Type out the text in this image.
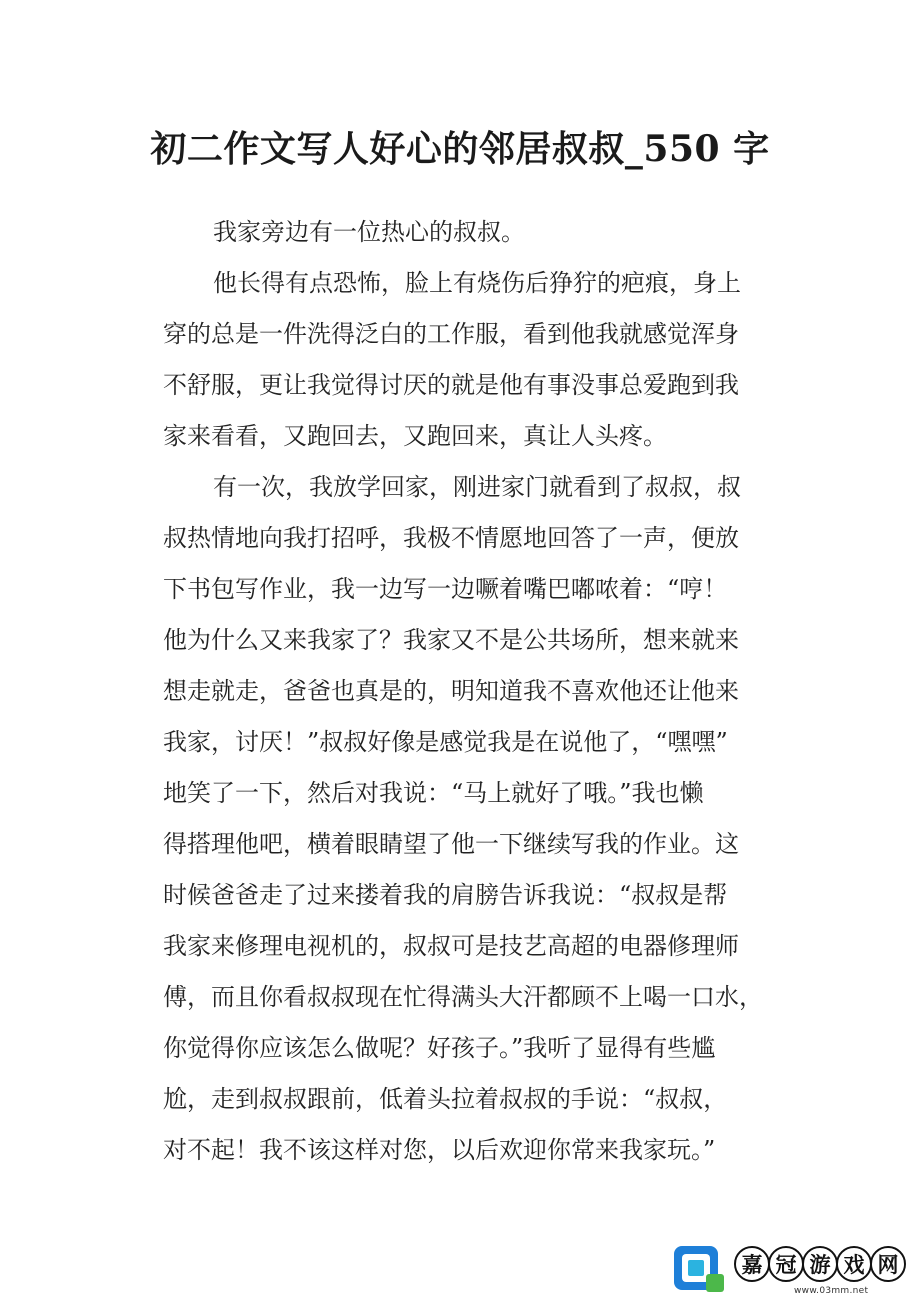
初二作文写人好心的邻居叔叔_550 字
我家旁边有一位热心的叔叔。
他长得有点恐怖，脸上有烧伤后狰狞的疤痕，身上
穿的总是一件洗得泛白的工作服，看到他我就感觉浑身
不舒服，更让我觉得讨厌的就是他有事没事总爱跑到我
家来看看，又跑回去，又跑回来，真让人头疼。
有一次，我放学回家，刚进家门就看到了叔叔，叔
叔热情地向我打招呼，我极不情愿地回答了一声，便放
下书包写作业，我一边写一边噘着嘴巴嘟哝着：“哼！
他为什么又来我家了？我家又不是公共场所，想来就来
想走就走，爸爸也真是的，明知道我不喜欢他还让他来
我家，讨厌！”叔叔好像是感觉我是在说他了，“嘿嘿”
地笑了一下，然后对我说：“马上就好了哦。”我也懒
得搭理他吧，横着眼睛望了他一下继续写我的作业。这
时候爸爸走了过来搂着我的肩膀告诉我说：“叔叔是帮
我家来修理电视机的，叔叔可是技艺高超的电器修理师
傅，而且你看叔叔现在忙得满头大汗都顾不上喝一口水，
你觉得你应该怎么做呢？好孩子。”我听了显得有些尴
尬，走到叔叔跟前，低着头拉着叔叔的手说：“叔叔，
对不起！我不该这样对您，以后欢迎你常来我家玩。”
嘉 冠 游 戏 网
www.03mm.net
